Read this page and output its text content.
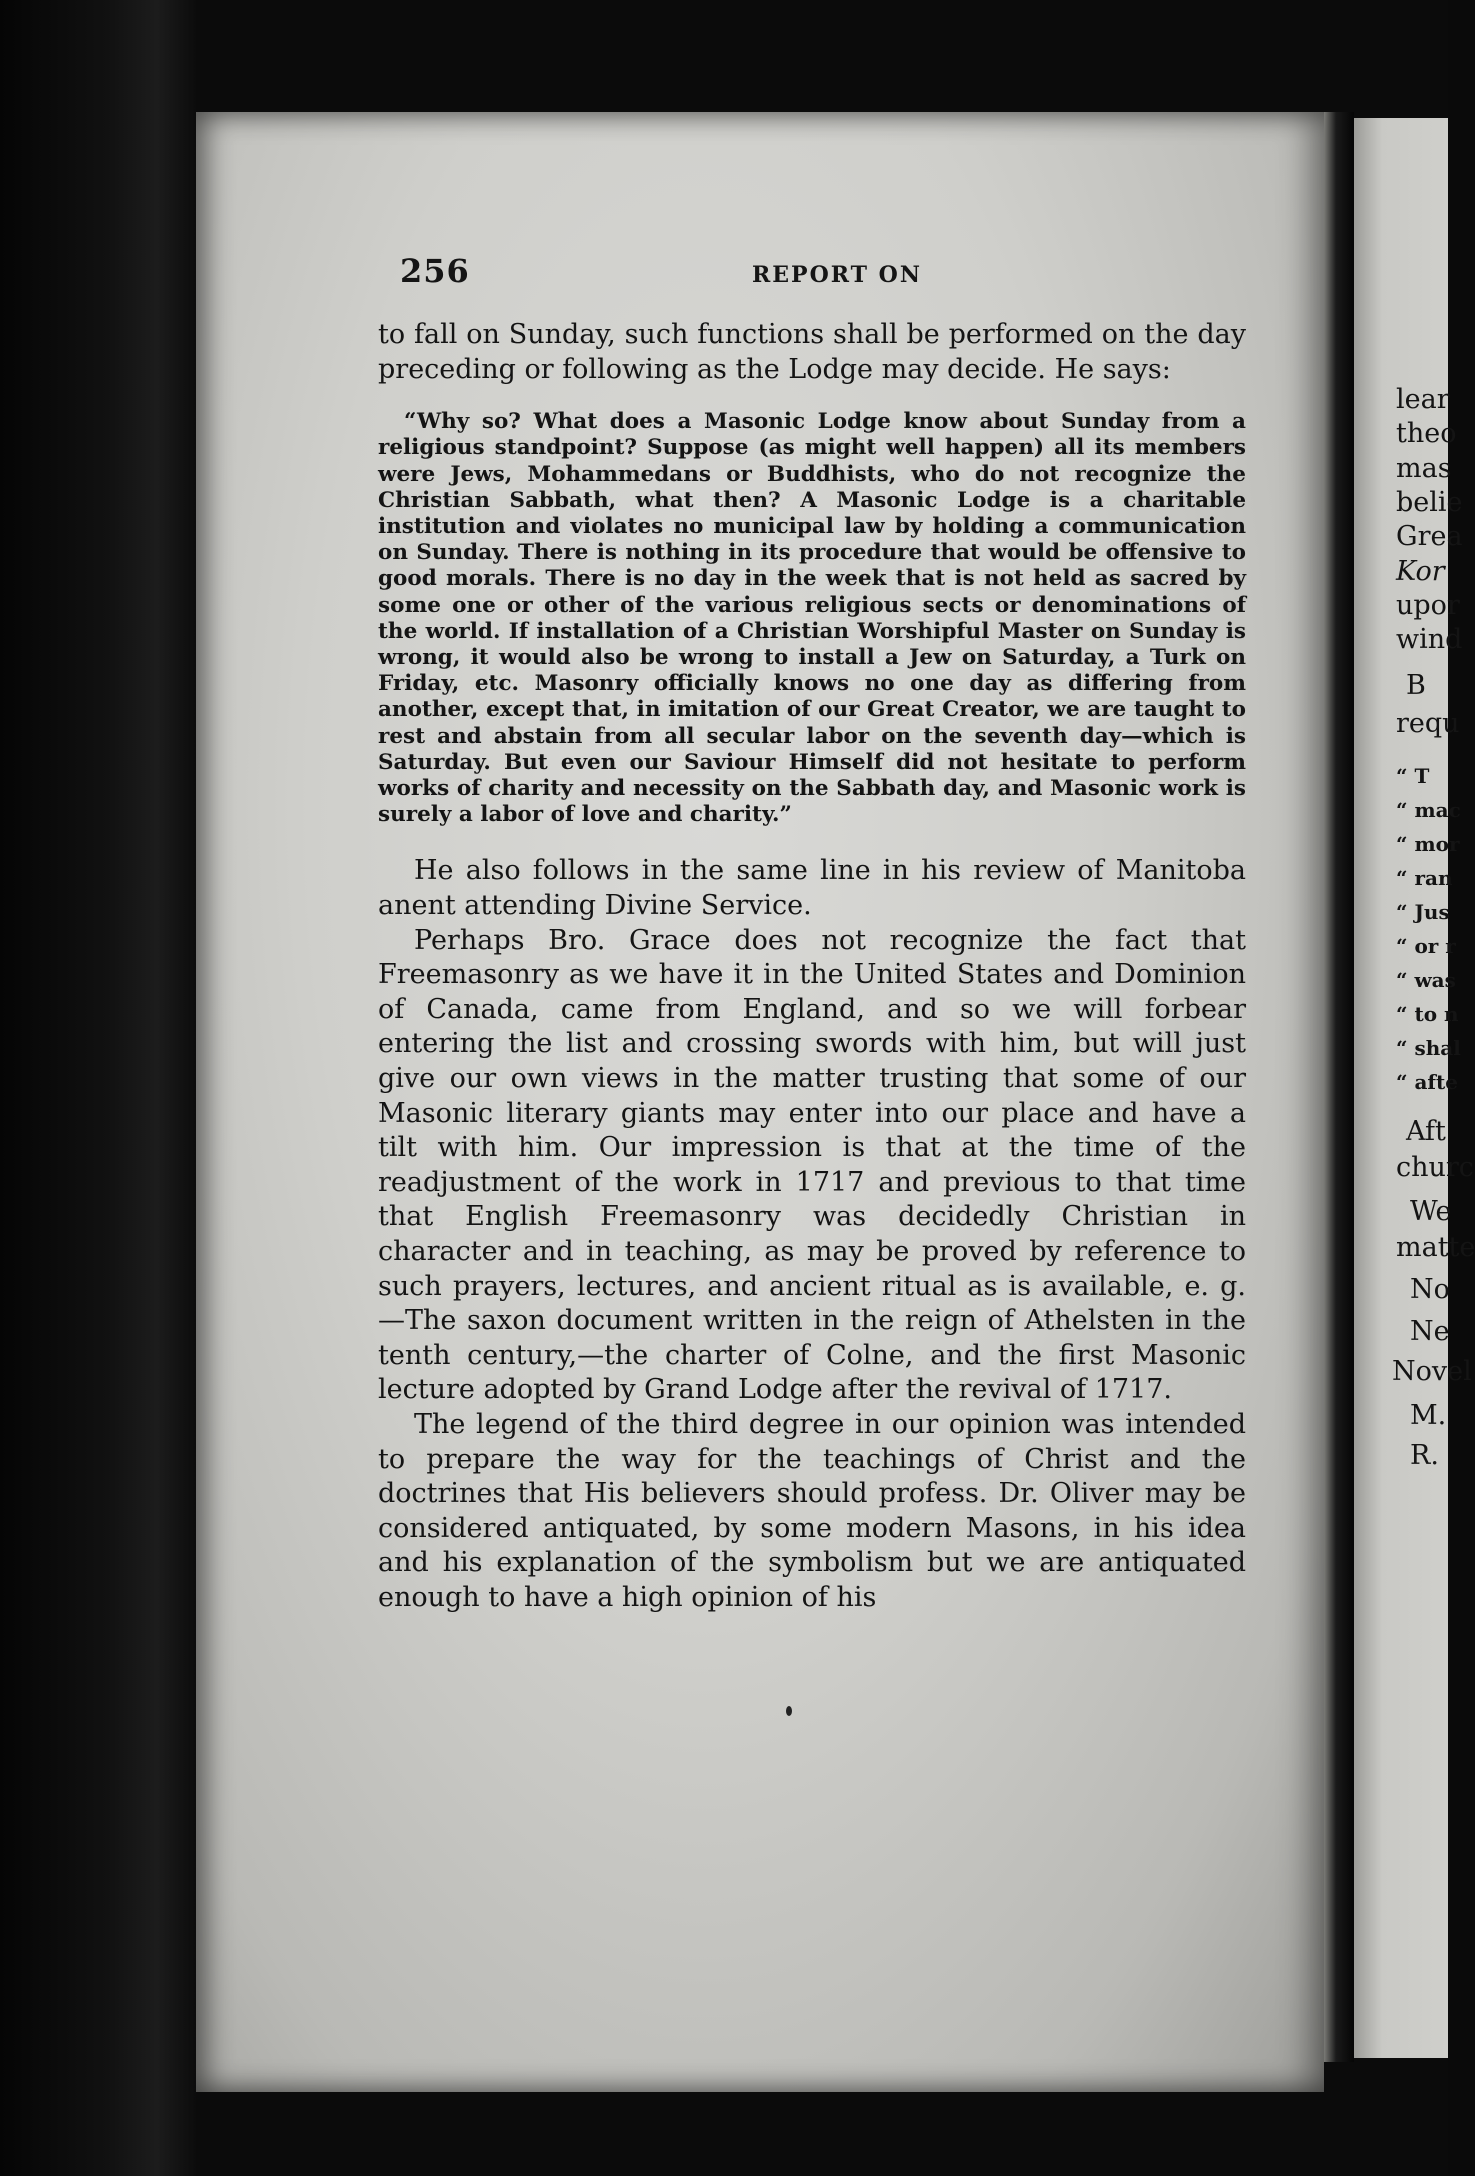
256	REPORT ON

to fall on Sunday, such functions shall be performed on the day preceding or following as the Lodge may decide. He says:

“Why so? What does a Masonic Lodge know about Sunday from a religious standpoint? Suppose (as might well happen) all its members were Jews, Mohammedans or Buddhists, who do not recognize the Christian Sabbath, what then? A Masonic Lodge is a charitable institution and violates no municipal law by holding a communication on Sunday. There is nothing in its procedure that would be offensive to good morals. There is no day in the week that is not held as sacred by some one or other of the various religious sects or denominations of the world. If installation of a Christian Worshipful Master on Sunday is wrong, it would also be wrong to install a Jew on Saturday, a Turk on Friday, etc. Masonry officially knows no one day as differing from another, except that, in imitation of our Great Creator, we are taught to rest and abstain from all secular labor on the seventh day—which is Saturday. But even our Saviour Himself did not hesitate to perform works of charity and necessity on the Sabbath day, and Masonic work is surely a labor of love and charity.”

He also follows in the same line in his review of Manitoba anent attending Divine Service.

Perhaps Bro. Grace does not recognize the fact that Freemasonry as we have it in the United States and Dominion of Canada, came from England, and so we will forbear entering the list and crossing swords with him, but will just give our own views in the matter trusting that some of our Masonic literary giants may enter into our place and have a tilt with him. Our impression is that at the time of the readjustment of the work in 1717 and previous to that time that English Freemasonry was decidedly Christian in character and in teaching, as may be proved by reference to such prayers, lectures, and ancient ritual as is available, e. g.—The saxon document written in the reign of Athelsten in the tenth century,—the charter of Colne, and the first Masonic lecture adopted by Grand Lodge after the revival of 1717.

The legend of the third degree in our opinion was intended to prepare the way for the teachings of Christ and the doctrines that His believers should profess. Dr. Oliver may be considered antiquated, by some modern Masons, in his idea and his explanation of the symbolism but we are antiquated enough to have a high opinion of his

lear
theo
mas
belie
Grea
Kor
upor
wind
B
requ
“ T
“ mac
“ mor
“ ran
“ Jus
“ or r
“ was
“ to n
“ shal
“ afte
Aft
churc
We
matte
No
Ne
Novel
M.
R.
